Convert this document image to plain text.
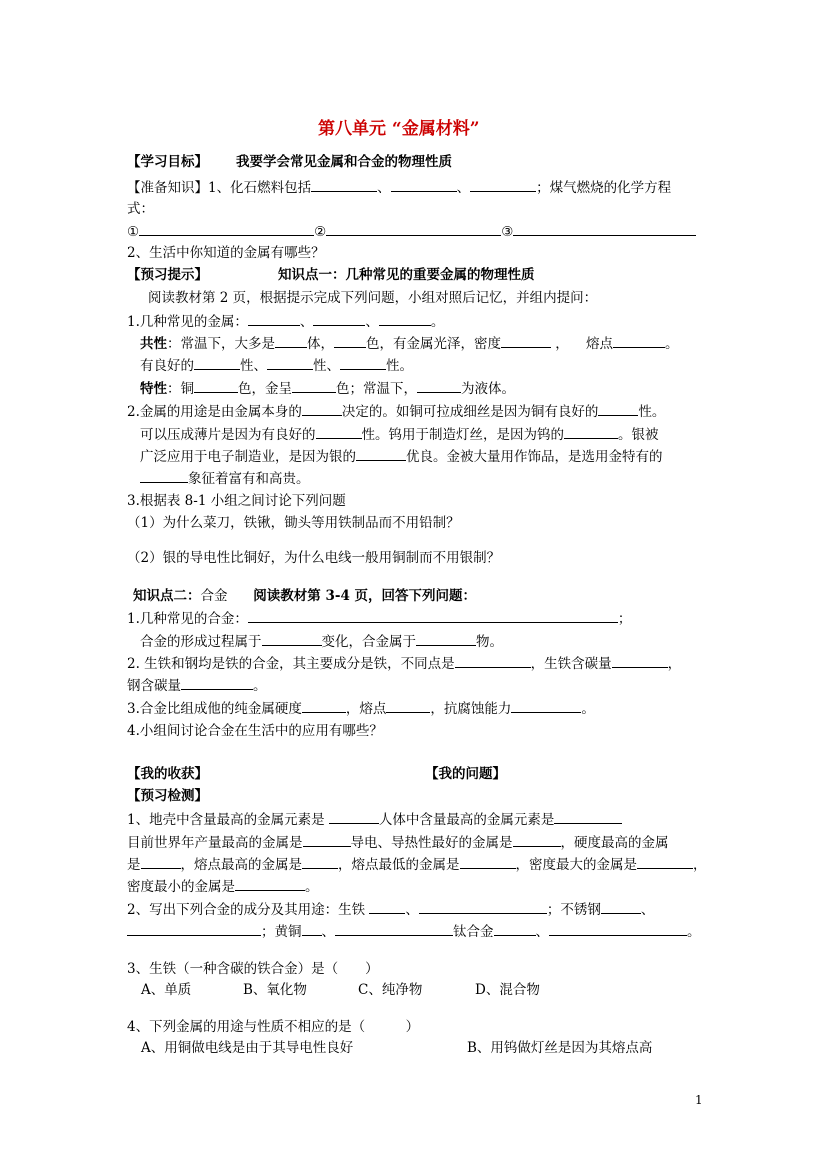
第八单元 “金属材料”
【学习目标】 我要学会常见金属和合金的物理性质
【准备知识】1、化石燃料包括	、	、	；煤气燃烧的化学方程
式：
①	②	③
2、生活中你知道的金属有哪些？
【预习提示】	知识点一：几种常见的重要金属的物理性质
阅读教材第 2 页，根据提示完成下列问题，小组对照后记忆，并组内提问：
1.几种常见的金属：	、	、	。
共性：常温下，大多是 体， 色，有金属光泽，密度	， 熔点	。
有良好的	性、	性、	性。
特性：铜	色，金呈	色；常温下，	为液体。
2.金属的用途是由金属本身的	决定的。如铜可拉成细丝是因为铜有良好的	性。
可以压成薄片是因为有良好的	性。钨用于制造灯丝，是因为钨的	。银被
广泛应用于电子制造业，是因为银的	优良。金被大量用作饰品，是选用金特有的
象征着富有和高贵。
3.根据表 8-1 小组之间讨论下列问题
（1）为什么菜刀，铁锹，锄头等用铁制品而不用铅制？
（2）银的导电性比铜好，为什么电线一般用铜制而不用银制？
知识点二：合金 阅读教材第 3-4 页，回答下列问题：
1.几种常见的合金：	；
合金的形成过程属于	变化，合金属于	物。
2. 生铁和钢均是铁的合金，其主要成分是铁，不同点是	，生铁含碳量	，
钢含碳量	。
3.合金比组成他的纯金属硬度	，熔点	，抗腐蚀能力	。
4.小组间讨论合金在生活中的应用有哪些？
【我的收获】	【我的问题】
【预习检测】
1、地壳中含量最高的金属元素是	人体中含量最高的金属元素是
目前世界年产量最高的金属是	导电、导热性最好的金属是	，硬度最高的金属
是	，熔点最高的金属是	，熔点最低的金属是	，密度最大的金属是	，
密度最小的金属是	。
2、写出下列合金的成分及其用途：生铁	、	；不锈钢	、
；黄铜 、	钛合金	、	。
3、生铁（一种含碳的铁合金）是（　　）
A、单质	B、氧化物	C、纯净物	D、混合物
4、下列金属的用途与性质不相应的是（　　　）
A、用铜做电线是由于其导电性良好	B、用钨做灯丝是因为其熔点高
1
